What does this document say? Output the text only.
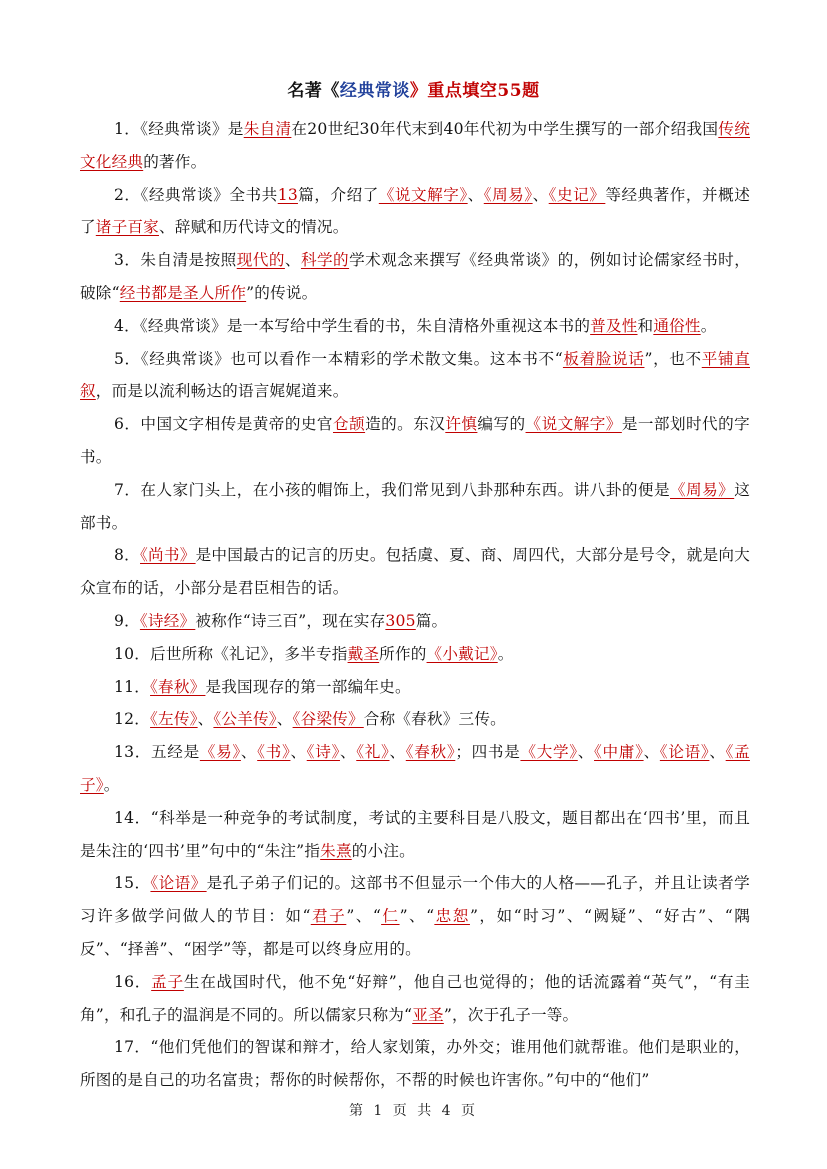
名著《经典常谈》重点填空55题

1．《经典常谈》是朱自清在20世纪30年代末到40年代初为中学生撰写的一部介绍我国传统文化经典的著作。

2．《经典常谈》全书共13篇，介绍了《说文解字》、《周易》、《史记》等经典著作，并概述了诸子百家、辞赋和历代诗文的情况。

3．朱自清是按照现代的、科学的学术观念来撰写《经典常谈》的，例如讨论儒家经书时，破除“经书都是圣人所作”的传说。

4．《经典常谈》是一本写给中学生看的书，朱自清格外重视这本书的普及性和通俗性。

5．《经典常谈》也可以看作一本精彩的学术散文集。这本书不“板着脸说话”，也不平铺直叙，而是以流利畅达的语言娓娓道来。

6．中国文字相传是黄帝的史官仓颉造的。东汉许慎编写的《说文解字》是一部划时代的字书。

7．在人家门头上，在小孩的帽饰上，我们常见到八卦那种东西。讲八卦的便是《周易》这部书。

8．《尚书》是中国最古的记言的历史。包括虞、夏、商、周四代，大部分是号令，就是向大众宣布的话，小部分是君臣相告的话。

9．《诗经》被称作“诗三百”，现在实存305篇。

10．后世所称《礼记》，多半专指戴圣所作的《小戴记》。

11．《春秋》是我国现存的第一部编年史。

12．《左传》、《公羊传》、《谷梁传》合称《春秋》三传。

13．五经是《易》、《书》、《诗》、《礼》、《春秋》；四书是《大学》、《中庸》、《论语》、《孟子》。

14．“科举是一种竞争的考试制度，考试的主要科目是八股文，题目都出在‘四书’里，而且是朱注的‘四书’里”句中的“朱注”指朱熹的小注。

15．《论语》是孔子弟子们记的。这部书不但显示一个伟大的人格——孔子，并且让读者学习许多做学问做人的节目：如“君子”、“仁”、“忠恕”，如“时习”、“阙疑”、“好古”、“隅反”、“择善”、“困学”等，都是可以终身应用的。

16．孟子生在战国时代，他不免“好辩”，他自己也觉得的；他的话流露着“英气”，“有圭角”，和孔子的温润是不同的。所以儒家只称为“亚圣”，次于孔子一等。

17．“他们凭他们的智谋和辩才，给人家划策，办外交；谁用他们就帮谁。他们是职业的，所图的是自己的功名富贵；帮你的时候帮你，不帮的时候也许害你。”句中的“他们”

第 1 页 共 4 页
